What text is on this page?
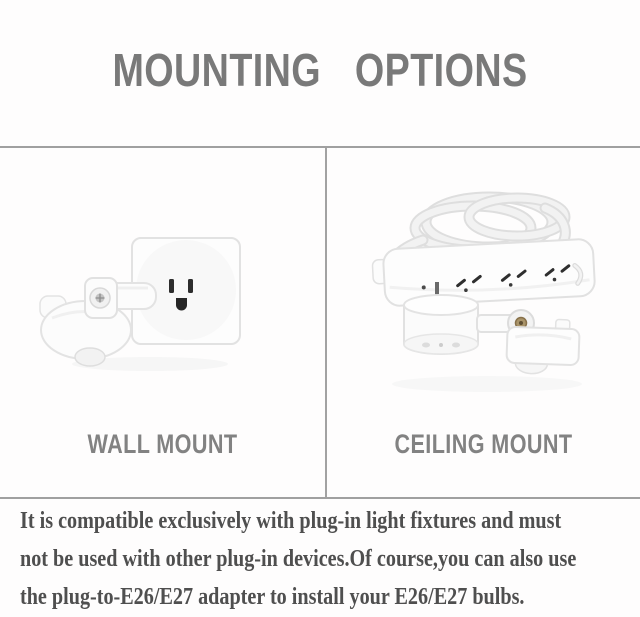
MOUNTING OPTIONS
WALL MOUNT	CEILING MOUNT
It is compatible exclusively with plug-in light fixtures and must
not be used with other plug-in devices.Of course,you can also use
the plug-to-E26/E27 adapter to install your E26/E27 bulbs.
